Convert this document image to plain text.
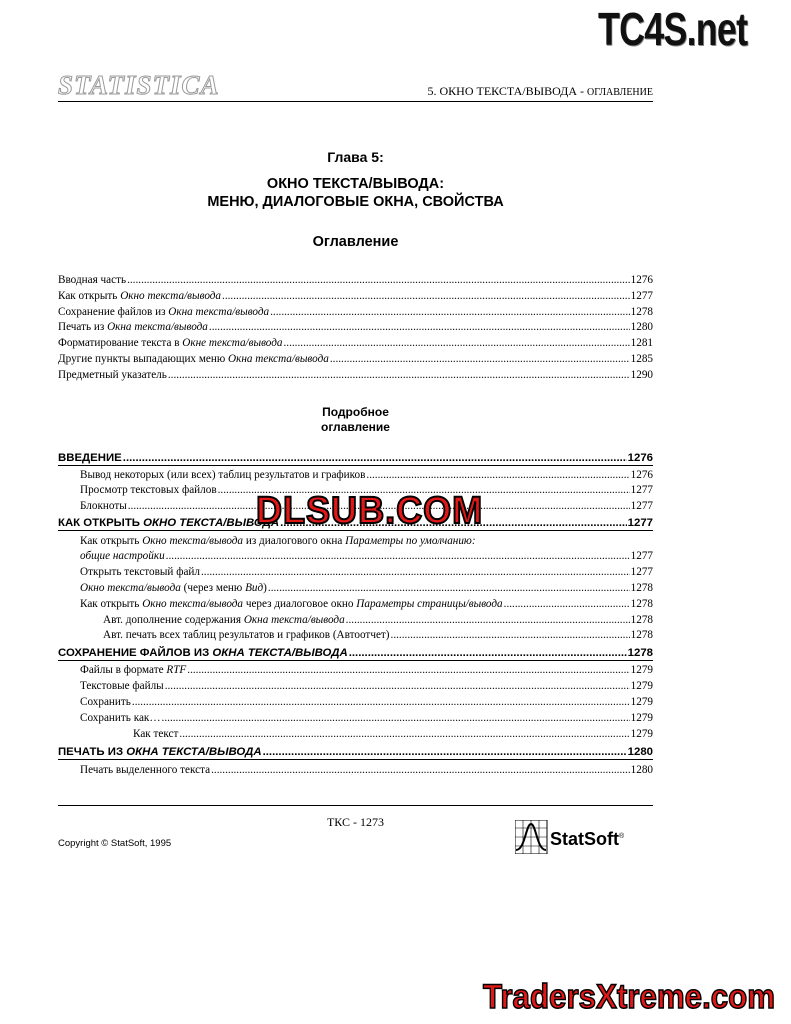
TC4S.net
STATISTICA	5. ОКНО ТЕКСТА/ВЫВОДА - ОГЛАВЛЕНИЕ
Глава 5:
ОКНО ТЕКСТА/ВЫВОДА:
МЕНЮ, ДИАЛОГОВЫЕ ОКНА, СВОЙСТВА
Оглавление
Вводная часть .....	1276
Как открыть Окно текста/вывода .....	1277
Сохранение файлов из Окна текста/вывода .....	1278
Печать из Окна текста/вывода .....	1280
Форматирование текста в Окне текста/вывода .....	1281
Другие пункты выпадающих меню Окна текста/вывода .....	1285
Предметный указатель .....	1290
Подробное
оглавление
ВВЕДЕНИЕ .....	1276
Вывод некоторых (или всех) таблиц результатов и графиков .....	1276
Просмотр текстовых файлов .....	1277
Блокноты .....	1277
КАК ОТКРЫТЬ ОКНО ТЕКСТА/ВЫВОДА .....	1277
Как открыть Окно текста/вывода из диалогового окна Параметры по умолчанию:
общие настройки .....	1277
Открыть текстовый файл .....	1277
Окно текста/вывода (через меню Вид) .....	1278
Как открыть Окно текста/вывода через диалоговое окно Параметры страницы/вывода .....	1278
Авт. дополнение содержания Окна текста/вывода .....	1278
Авт. печать всех таблиц результатов и графиков (Автоотчет) .....	1278
СОХРАНЕНИЕ ФАЙЛОВ ИЗ ОКНА ТЕКСТА/ВЫВОДА .....	1278
Файлы в формате RTF .....	1279
Текстовые файлы .....	1279
Сохранить .....	1279
Сохранить как… .....	1279
Как текст .....	1279
ПЕЧАТЬ ИЗ ОКНА ТЕКСТА/ВЫВОДА .....	1280
Печать выделенного текста .....	1280
DLSUB.COM
ТКС - 1273
Copyright © StatSoft, 1995	StatSoft®
TradersXtreme.com
